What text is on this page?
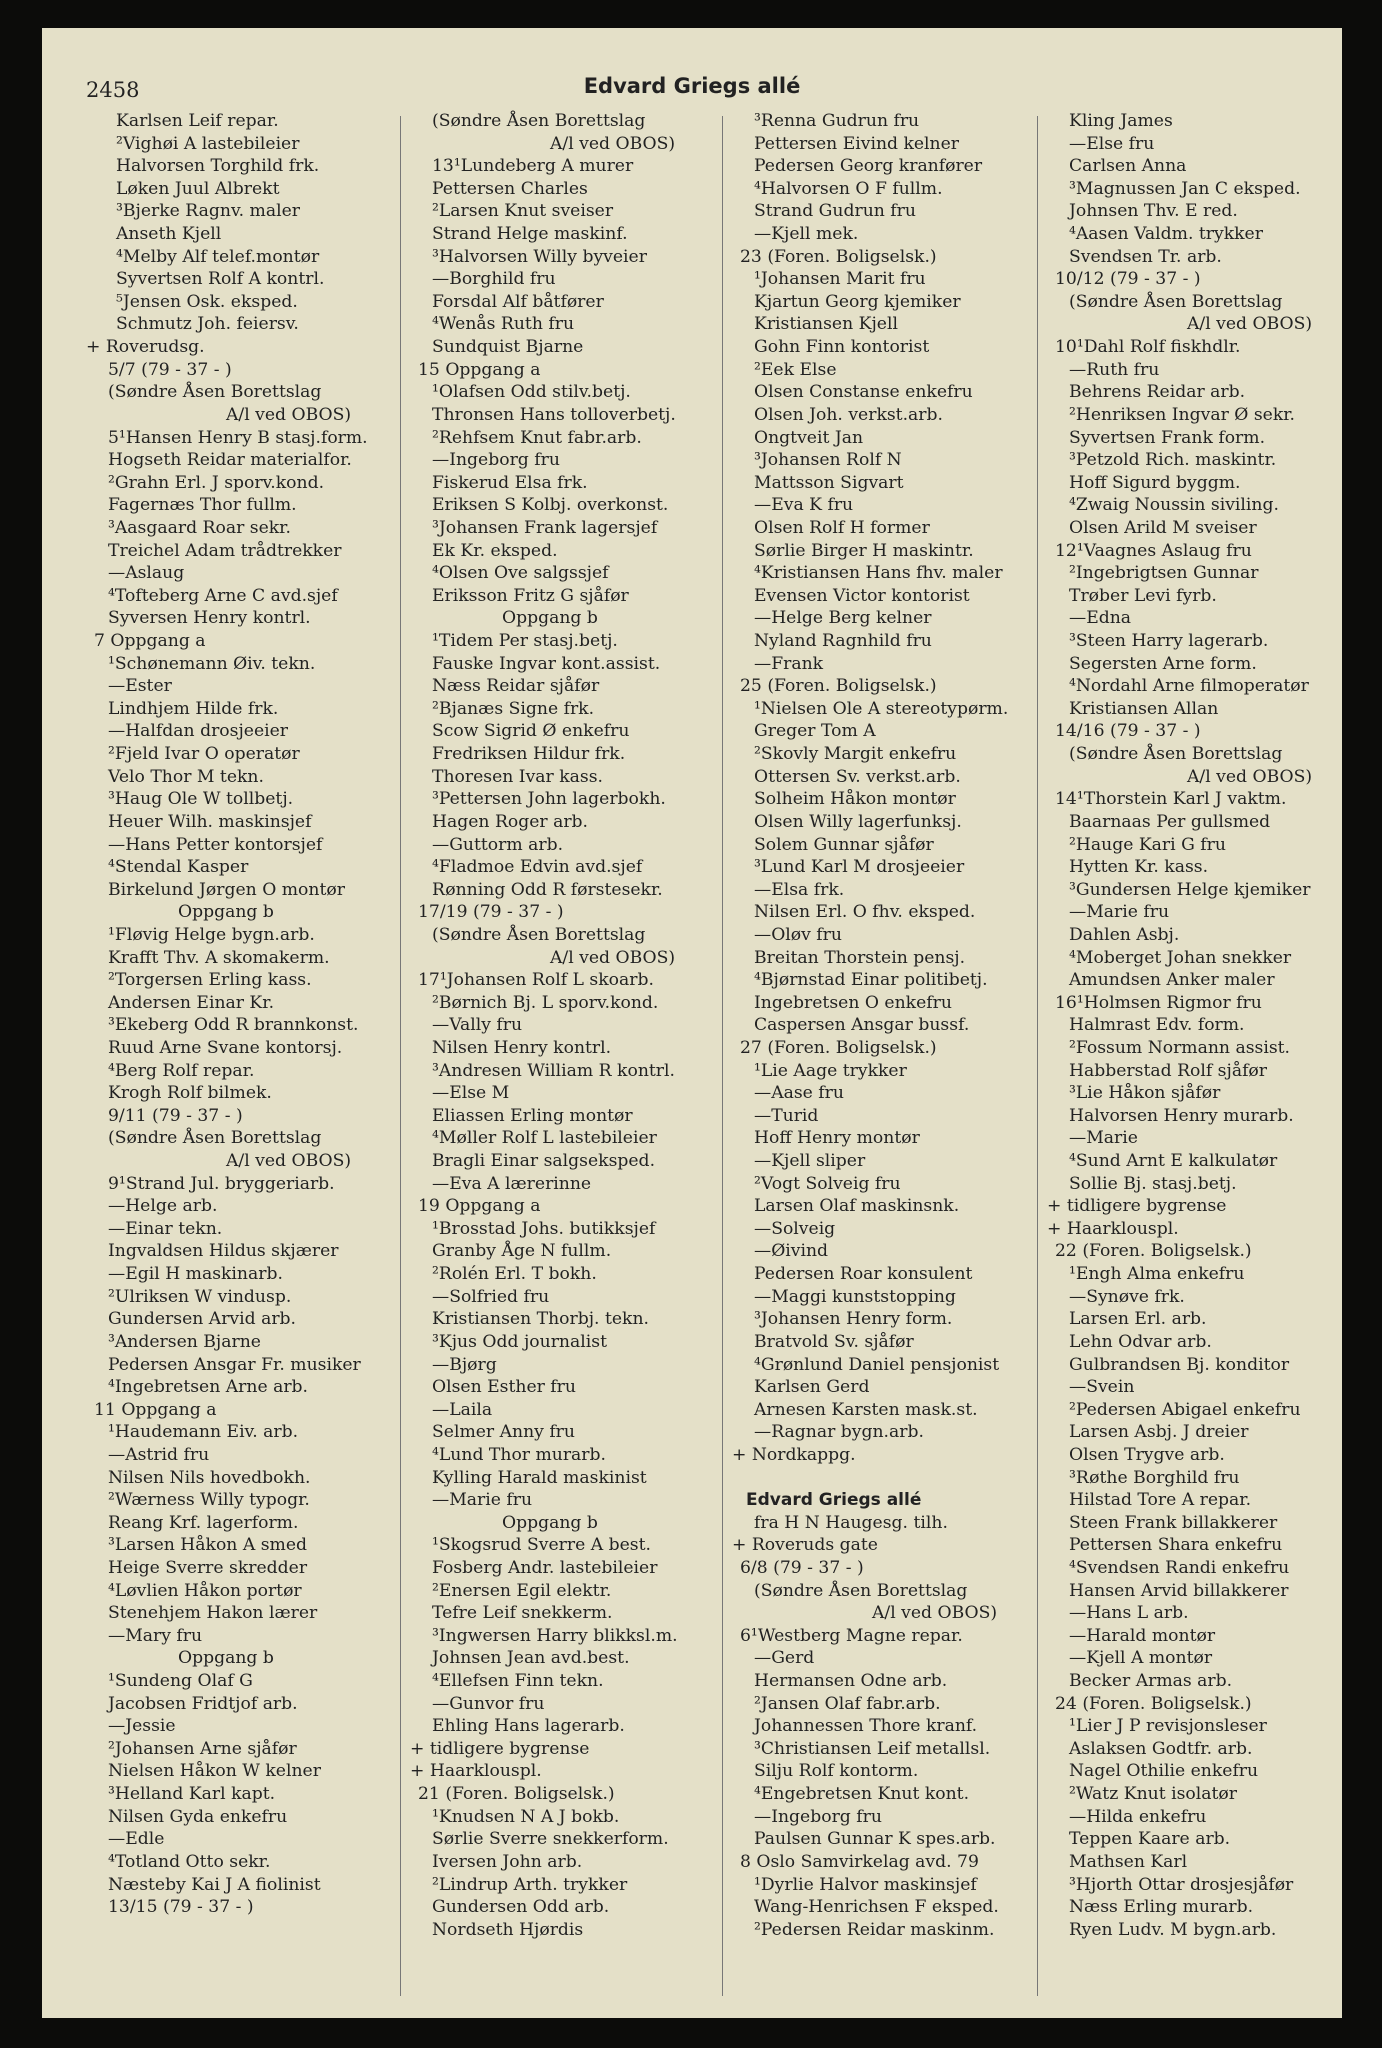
2458	Edvard Griegs allé
Karlsen Leif repar.
²Vighøi A lastebileier
Halvorsen Torghild frk.
Løken Juul Albrekt
³Bjerke Ragnv. maler
Anseth Kjell
⁴Melby Alf telef.montør
Syvertsen Rolf A kontrl.
⁵Jensen Osk. eksped.
Schmutz Joh. feiersv.
+ Roverudsg.
5/7 (79 - 37 - )
(Søndre Åsen Borettslag
A/l ved OBOS)
5¹Hansen Henry B stasj.form.
Hogseth Reidar materialfor.
²Grahn Erl. J sporv.kond.
Fagernæs Thor fullm.
³Aasgaard Roar sekr.
Treichel Adam trådtrekker
—Aslaug
⁴Tofteberg Arne C avd.sjef
Syversen Henry kontrl.
7 Oppgang a
¹Schønemann Øiv. tekn.
—Ester
Lindhjem Hilde frk.
—Halfdan drosjeeier
²Fjeld Ivar O operatør
Velo Thor M tekn.
³Haug Ole W tollbetj.
Heuer Wilh. maskinsjef
—Hans Petter kontorsjef
⁴Stendal Kasper
Birkelund Jørgen O montør
Oppgang b
¹Fløvig Helge bygn.arb.
Krafft Thv. A skomakerm.
²Torgersen Erling kass.
Andersen Einar Kr.
³Ekeberg Odd R brannkonst.
Ruud Arne Svane kontorsj.
⁴Berg Rolf repar.
Krogh Rolf bilmek.
9/11 (79 - 37 - )
(Søndre Åsen Borettslag
A/l ved OBOS)
9¹Strand Jul. bryggeriarb.
—Helge arb.
—Einar tekn.
Ingvaldsen Hildus skjærer
—Egil H maskinarb.
²Ulriksen W vindusp.
Gundersen Arvid arb.
³Andersen Bjarne
Pedersen Ansgar Fr. musiker
⁴Ingebretsen Arne arb.
11 Oppgang a
¹Haudemann Eiv. arb.
—Astrid fru
Nilsen Nils hovedbokh.
²Wærness Willy typogr.
Reang Krf. lagerform.
³Larsen Håkon A smed
Heige Sverre skredder
⁴Løvlien Håkon portør
Stenehjem Hakon lærer
—Mary fru
Oppgang b
¹Sundeng Olaf G
Jacobsen Fridtjof arb.
—Jessie
²Johansen Arne sjåfør
Nielsen Håkon W kelner
³Helland Karl kapt.
Nilsen Gyda enkefru
—Edle
⁴Totland Otto sekr.
Næsteby Kai J A fiolinist
13/15 (79 - 37 - )
(Søndre Åsen Borettslag
A/l ved OBOS)
13¹Lundeberg A murer
Pettersen Charles
²Larsen Knut sveiser
Strand Helge maskinf.
³Halvorsen Willy byveier
—Borghild fru
Forsdal Alf båtfører
⁴Wenås Ruth fru
Sundquist Bjarne
15 Oppgang a
¹Olafsen Odd stilv.betj.
Thronsen Hans tolloverbetj.
²Rehfsem Knut fabr.arb.
—Ingeborg fru
Fiskerud Elsa frk.
Eriksen S Kolbj. overkonst.
³Johansen Frank lagersjef
Ek Kr. eksped.
⁴Olsen Ove salgssjef
Eriksson Fritz G sjåfør
Oppgang b
¹Tidem Per stasj.betj.
Fauske Ingvar kont.assist.
Næss Reidar sjåfør
²Bjanæs Signe frk.
Scow Sigrid Ø enkefru
Fredriksen Hildur frk.
Thoresen Ivar kass.
³Pettersen John lagerbokh.
Hagen Roger arb.
—Guttorm arb.
⁴Fladmoe Edvin avd.sjef
Rønning Odd R førstesekr.
17/19 (79 - 37 - )
(Søndre Åsen Borettslag
A/l ved OBOS)
17¹Johansen Rolf L skoarb.
²Børnich Bj. L sporv.kond.
—Vally fru
Nilsen Henry kontrl.
³Andresen William R kontrl.
—Else M
Eliassen Erling montør
⁴Møller Rolf L lastebileier
Bragli Einar salgseksped.
—Eva A lærerinne
19 Oppgang a
¹Brosstad Johs. butikksjef
Granby Åge N fullm.
²Rolén Erl. T bokh.
—Solfried fru
Kristiansen Thorbj. tekn.
³Kjus Odd journalist
—Bjørg
Olsen Esther fru
—Laila
Selmer Anny fru
⁴Lund Thor murarb.
Kylling Harald maskinist
—Marie fru
Oppgang b
¹Skogsrud Sverre A best.
Fosberg Andr. lastebileier
²Enersen Egil elektr.
Tefre Leif snekkerm.
³Ingwersen Harry blikksl.m.
Johnsen Jean avd.best.
⁴Ellefsen Finn tekn.
—Gunvor fru
Ehling Hans lagerarb.
+ tidligere bygrense
+ Haarklouspl.
21 (Foren. Boligselsk.)
¹Knudsen N A J bokb.
Sørlie Sverre snekkerform.
Iversen John arb.
²Lindrup Arth. trykker
Gundersen Odd arb.
Nordseth Hjørdis
³Renna Gudrun fru
Pettersen Eivind kelner
Pedersen Georg kranfører
⁴Halvorsen O F fullm.
Strand Gudrun fru
—Kjell mek.
23 (Foren. Boligselsk.)
¹Johansen Marit fru
Kjartun Georg kjemiker
Kristiansen Kjell
Gohn Finn kontorist
²Eek Else
Olsen Constanse enkefru
Olsen Joh. verkst.arb.
Ongtveit Jan
³Johansen Rolf N
Mattsson Sigvart
—Eva K fru
Olsen Rolf H former
Sørlie Birger H maskintr.
⁴Kristiansen Hans fhv. maler
Evensen Victor kontorist
—Helge Berg kelner
Nyland Ragnhild fru
—Frank
25 (Foren. Boligselsk.)
¹Nielsen Ole A stereotypørm.
Greger Tom A
²Skovly Margit enkefru
Ottersen Sv. verkst.arb.
Solheim Håkon montør
Olsen Willy lagerfunksj.
Solem Gunnar sjåfør
³Lund Karl M drosjeeier
—Elsa frk.
Nilsen Erl. O fhv. eksped.
—Oløv fru
Breitan Thorstein pensj.
⁴Bjørnstad Einar politibetj.
Ingebretsen O enkefru
Caspersen Ansgar bussf.
27 (Foren. Boligselsk.)
¹Lie Aage trykker
—Aase fru
—Turid
Hoff Henry montør
—Kjell sliper
²Vogt Solveig fru
Larsen Olaf maskinsnk.
—Solveig
—Øivind
Pedersen Roar konsulent
—Maggi kunststopping
³Johansen Henry form.
Bratvold Sv. sjåfør
⁴Grønlund Daniel pensjonist
Karlsen Gerd
Arnesen Karsten mask.st.
—Ragnar bygn.arb.
+ Nordkappg.
Edvard Griegs allé
fra H N Haugesg. tilh.
+ Roveruds gate
6/8 (79 - 37 - )
(Søndre Åsen Borettslag
A/l ved OBOS)
6¹Westberg Magne repar.
—Gerd
Hermansen Odne arb.
²Jansen Olaf fabr.arb.
Johannessen Thore kranf.
³Christiansen Leif metallsl.
Silju Rolf kontorm.
⁴Engebretsen Knut kont.
—Ingeborg fru
Paulsen Gunnar K spes.arb.
8 Oslo Samvirkelag avd. 79
¹Dyrlie Halvor maskinsjef
Wang-Henrichsen F eksped.
²Pedersen Reidar maskinm.
Kling James
—Else fru
Carlsen Anna
³Magnussen Jan C eksped.
Johnsen Thv. E red.
⁴Aasen Valdm. trykker
Svendsen Tr. arb.
10/12 (79 - 37 - )
(Søndre Åsen Borettslag
A/l ved OBOS)
10¹Dahl Rolf fiskhdlr.
—Ruth fru
Behrens Reidar arb.
²Henriksen Ingvar Ø sekr.
Syvertsen Frank form.
³Petzold Rich. maskintr.
Hoff Sigurd byggm.
⁴Zwaig Noussin siviling.
Olsen Arild M sveiser
12¹Vaagnes Aslaug fru
²Ingebrigtsen Gunnar
Trøber Levi fyrb.
—Edna
³Steen Harry lagerarb.
Segersten Arne form.
⁴Nordahl Arne filmoperatør
Kristiansen Allan
14/16 (79 - 37 - )
(Søndre Åsen Borettslag
A/l ved OBOS)
14¹Thorstein Karl J vaktm.
Baarnaas Per gullsmed
²Hauge Kari G fru
Hytten Kr. kass.
³Gundersen Helge kjemiker
—Marie fru
Dahlen Asbj.
⁴Moberget Johan snekker
Amundsen Anker maler
16¹Holmsen Rigmor fru
Halmrast Edv. form.
²Fossum Normann assist.
Habberstad Rolf sjåfør
³Lie Håkon sjåfør
Halvorsen Henry murarb.
—Marie
⁴Sund Arnt E kalkulatør
Sollie Bj. stasj.betj.
+ tidligere bygrense
+ Haarklouspl.
22 (Foren. Boligselsk.)
¹Engh Alma enkefru
—Synøve frk.
Larsen Erl. arb.
Lehn Odvar arb.
Gulbrandsen Bj. konditor
—Svein
²Pedersen Abigael enkefru
Larsen Asbj. J dreier
Olsen Trygve arb.
³Røthe Borghild fru
Hilstad Tore A repar.
Steen Frank billakkerer
Pettersen Shara enkefru
⁴Svendsen Randi enkefru
Hansen Arvid billakkerer
—Hans L arb.
—Harald montør
—Kjell A montør
Becker Armas arb.
24 (Foren. Boligselsk.)
¹Lier J P revisjonsleser
Aslaksen Godtfr. arb.
Nagel Othilie enkefru
²Watz Knut isolatør
—Hilda enkefru
Teppen Kaare arb.
Mathsen Karl
³Hjorth Ottar drosjesjåfør
Næss Erling murarb.
Ryen Ludv. M bygn.arb.
